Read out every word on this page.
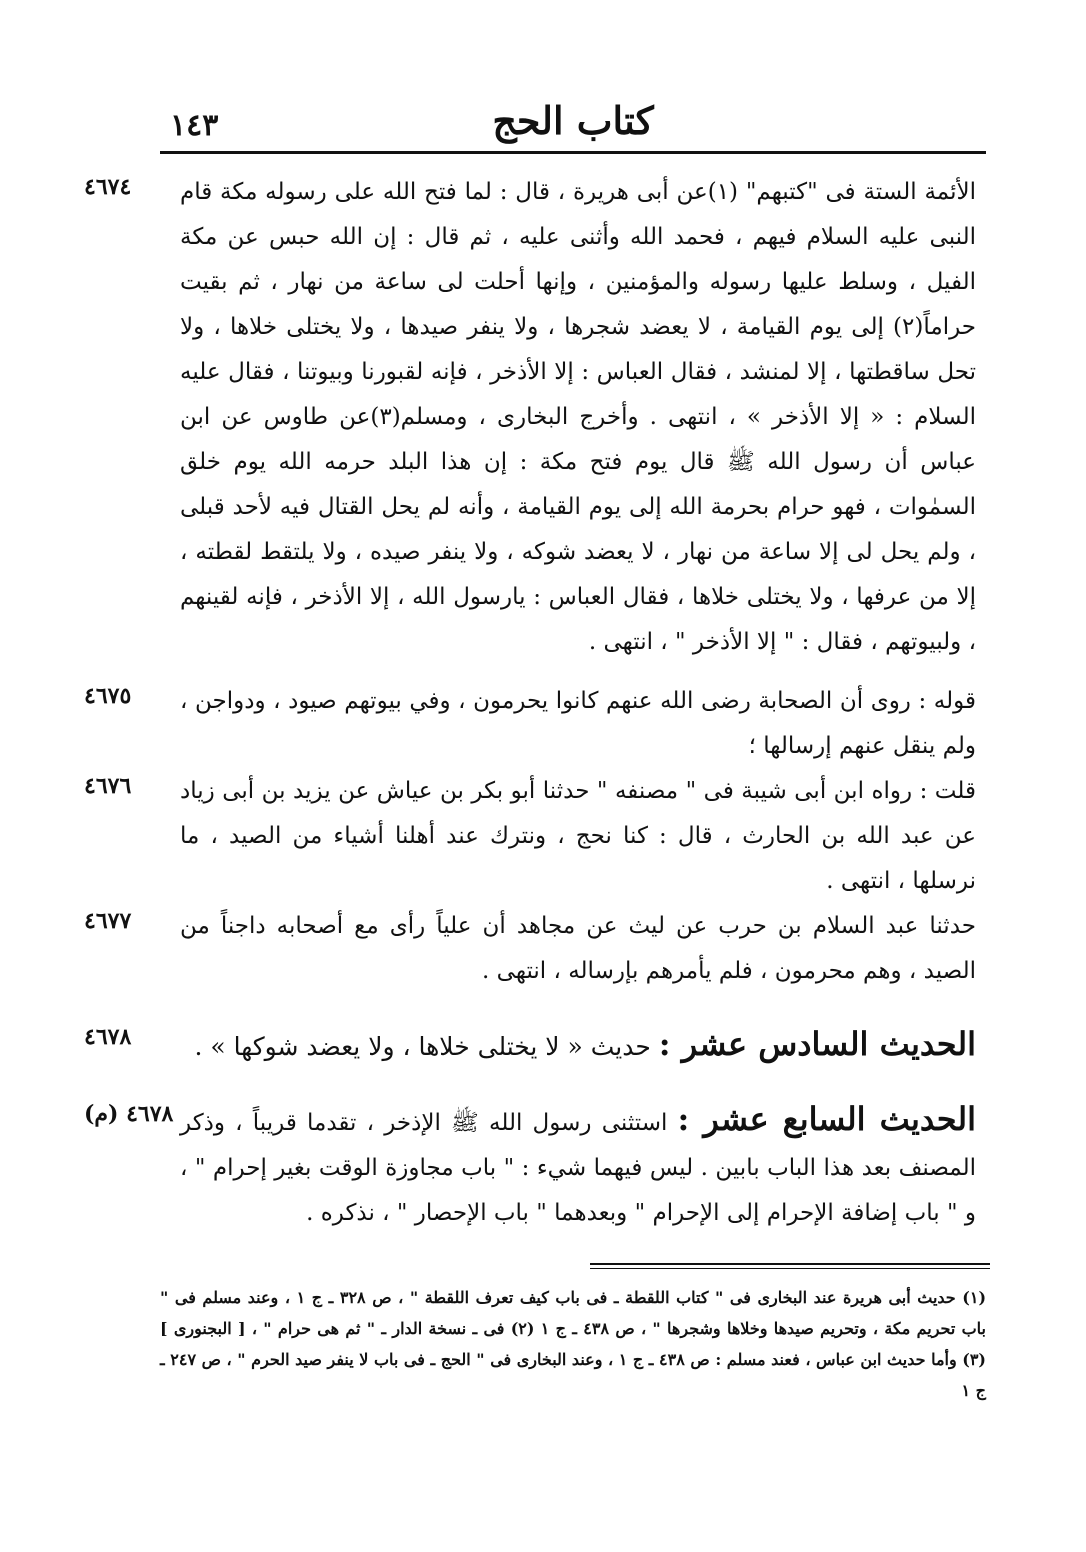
١٤٣	كتاب الحج
٤٦٧٤	الأئمة الستة فى "كتبهم" (١)عن أبى هريرة ، قال : لما فتح الله على رسوله مكة قام النبى عليه السلام فيهم ، فحمد الله وأثنى عليه ، ثم قال : إن الله حبس عن مكة الفيل ، وسلط عليها رسوله والمؤمنين ، وإنها أحلت لى ساعة من نهار ، ثم بقيت حراماً(٢) إلى يوم القيامة ، لا يعضد شجرها ، ولا ينفر صيدها ، ولا يختلى خلاها ، ولا تحل ساقطتها ، إلا لمنشد ، فقال العباس : إلا الأذخر ، فإنه لقبورنا وبيوتنا ، فقال عليه السلام : « إلا الأذخر » ، انتهى . وأخرج البخارى ، ومسلم(٣)عن طاوس عن ابن عباس أن رسول الله ﷺ قال يوم فتح مكة : إن هذا البلد حرمه الله يوم خلق السمٰوات ، فهو حرام بحرمة الله إلى يوم القيامة ، وأنه لم يحل القتال فيه لأحد قبلى ، ولم يحل لى إلا ساعة من نهار ، لا يعضد شوكه ، ولا ينفر صيده ، ولا يلتقط لقطته ، إلا من عرفها ، ولا يختلى خلاها ، فقال العباس : يارسول الله ، إلا الأذخر ، فإنه لقينهم ، ولبيوتهم ، فقال : " إلا الأذخر " ، انتهى .

٤٦٧٥	قوله : روى أن الصحابة رضى الله عنهم كانوا يحرمون ، وفي بيوتهم صيود ، ودواجن ، ولم ينقل عنهم إرسالها ؛

٤٦٧٦	قلت : رواه ابن أبى شيبة فى " مصنفه " حدثنا أبو بكر بن عياش عن يزيد بن أبى زياد عن عبد الله بن الحارث ، قال : كنا نحج ، ونترك عند أهلنا أشياء من الصيد ، ما نرسلها ، انتهى .

٤٦٧٧	حدثنا عبد السلام بن حرب عن ليث عن مجاهد أن علياً رأى مع أصحابه داجناً من الصيد ، وهم محرمون ، فلم يأمرهم بإرساله ، انتهى .

٤٦٧٨	الحديث السادس عشر : حديث « لا يختلى خلاها ، ولا يعضد شوكها » .

٤٦٧٨ (م)	الحديث السابع عشر : استثنى رسول الله ﷺ الإذخر ، تقدما قريباً ، وذكر المصنف بعد هذا الباب بابين . ليس فيهما شيء : " باب مجاوزة الوقت بغير إحرام " ، و " باب إضافة الإحرام إلى الإحرام " وبعدهما " باب الإحصار " ، نذكره .

(١) حديث أبى هريرة عند البخارى فى " كتاب اللقطة ـ فى باب كيف تعرف اللقطة " ، ص ٣٢٨ ـ ج ١ ، وعند مسلم فى " باب تحريم مكة ، وتحريم صيدها وخلاها وشجرها " ، ص ٤٣٨ ـ ج ١ (٢) فى ـ نسخة الدار ـ " ثم هى حرام " ، [ البجنورى ] (٣) وأما حديث ابن عباس ، فعند مسلم : ص ٤٣٨ ـ ج ١ ، وعند البخارى فى " الحج ـ فى باب لا ينفر صيد الحرم " ، ص ٢٤٧ ـ ج ١
